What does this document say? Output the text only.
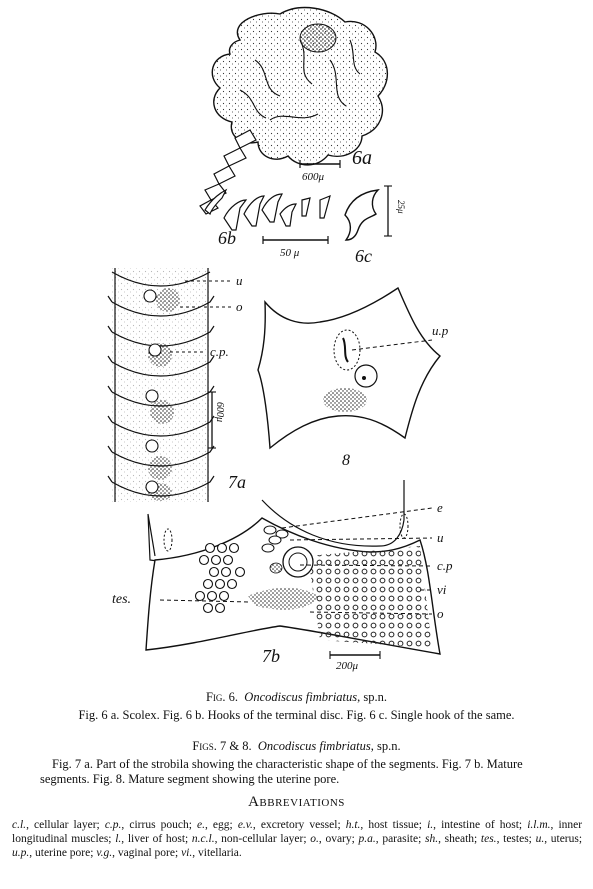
600μ
6a
50 μ
6b
25μ
6c
600μ
u
o
c.p.
7a
u.p
8
200μ
e
u
c.p
vi
o
tes.
7b
Fig. 6. Oncodiscus fimbriatus, sp.n.
Fig. 6 a. Scolex. Fig. 6 b. Hooks of the terminal disc. Fig. 6 c. Single hook of the same.
Figs. 7 & 8. Oncodiscus fimbriatus, sp.n.
Fig. 7 a. Part of the strobila showing the characteristic shape of the segments. Fig. 7 b. Mature segments. Fig. 8. Mature segment showing the uterine pore.
Abbreviations
c.l., cellular layer; c.p., cirrus pouch; e., egg; e.v., excretory vessel; h.t., host tissue; i., intestine of host; i.l.m., inner longitudinal muscles; l., liver of host; n.c.l., non-cellular layer; o., ovary; p.a., parasite; sh., sheath; tes., testes; u., uterus; u.p., uterine pore; v.g., vaginal pore; vi., vitellaria.
